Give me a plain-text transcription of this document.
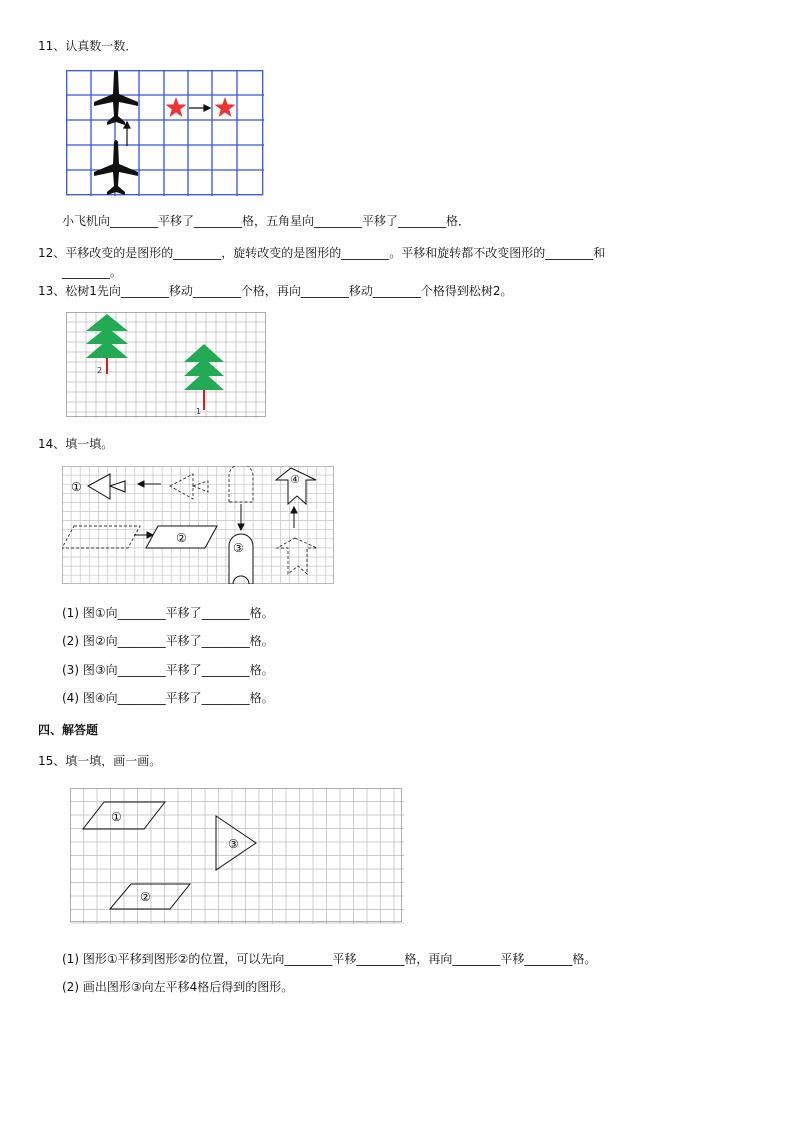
11、认真数一数．
小飞机向________平移了________格，五角星向________平移了________格．
12、平移改变的是图形的________，旋转改变的是图形的________。平移和旋转都不改变图形的________和
________。
13、松树1先向________移动________个格，再向________移动________个格得到松树2。
2
1
14、填一填。
①
②
③
④
(1) 图①向________平移了________格。
(2) 图②向________平移了________格。
(3) 图③向________平移了________格。
(4) 图④向________平移了________格。
四、解答题
15、填一填，画一画。
①
③
②
(1) 图形①平移到图形②的位置，可以先向________平移________格，再向________平移________格。
(2) 画出图形③向左平移4格后得到的图形。
